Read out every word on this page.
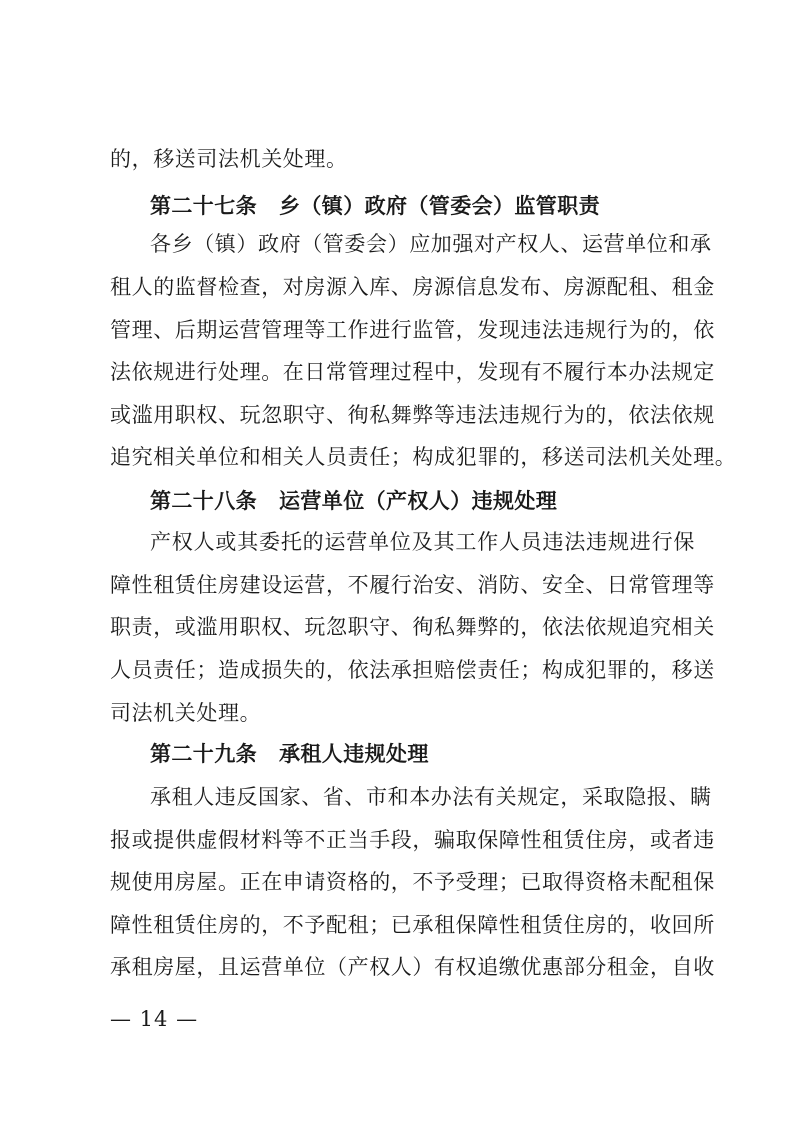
的，移送司法机关处理。
第二十七条 乡（镇）政府（管委会）监管职责
各乡（镇）政府（管委会）应加强对产权人、运营单位和承
租人的监督检查，对房源入库、房源信息发布、房源配租、租金
管理、后期运营管理等工作进行监管，发现违法违规行为的，依
法依规进行处理。在日常管理过程中，发现有不履行本办法规定
或滥用职权、玩忽职守、徇私舞弊等违法违规行为的，依法依规
追究相关单位和相关人员责任；构成犯罪的，移送司法机关处理。
第二十八条 运营单位（产权人）违规处理
产权人或其委托的运营单位及其工作人员违法违规进行保
障性租赁住房建设运营，不履行治安、消防、安全、日常管理等
职责，或滥用职权、玩忽职守、徇私舞弊的，依法依规追究相关
人员责任；造成损失的，依法承担赔偿责任；构成犯罪的，移送
司法机关处理。
第二十九条 承租人违规处理
承租人违反国家、省、市和本办法有关规定，采取隐报、瞒
报或提供虚假材料等不正当手段，骗取保障性租赁住房，或者违
规使用房屋。正在申请资格的，不予受理；已取得资格未配租保
障性租赁住房的，不予配租；已承租保障性租赁住房的，收回所
承租房屋，且运营单位（产权人）有权追缴优惠部分租金，自收
— 14 —
